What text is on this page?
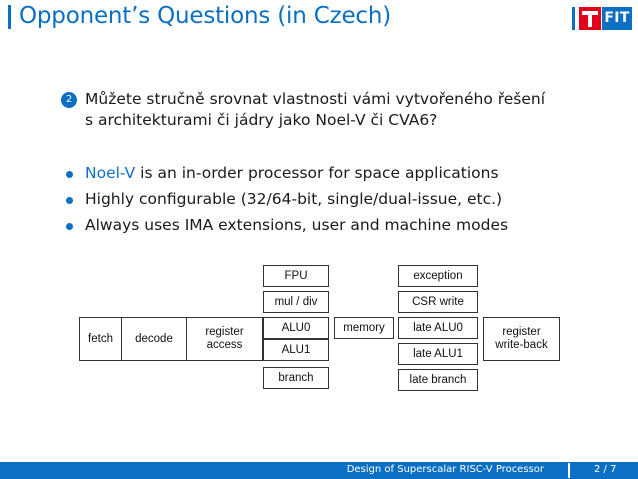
Opponent’s Questions (in Czech)	FIT
2 Můžete stručně srovnat vlastnosti vámi vytvořeného řešení
s architekturami či jádry jako Noel-V či CVA6?
Noel-V is an in-order processor for space applications
Highly configurable (32/64-bit, single/dual-issue, etc.)
Always uses IMA extensions, user and machine modes
fetch	decode
register
access
FPU
mul / div
ALU0
ALU1
branch
memory
exception
CSR write
late ALU0
late ALU1
late branch
register
write-back
Design of Superscalar RISC-V Processor	2 / 7
